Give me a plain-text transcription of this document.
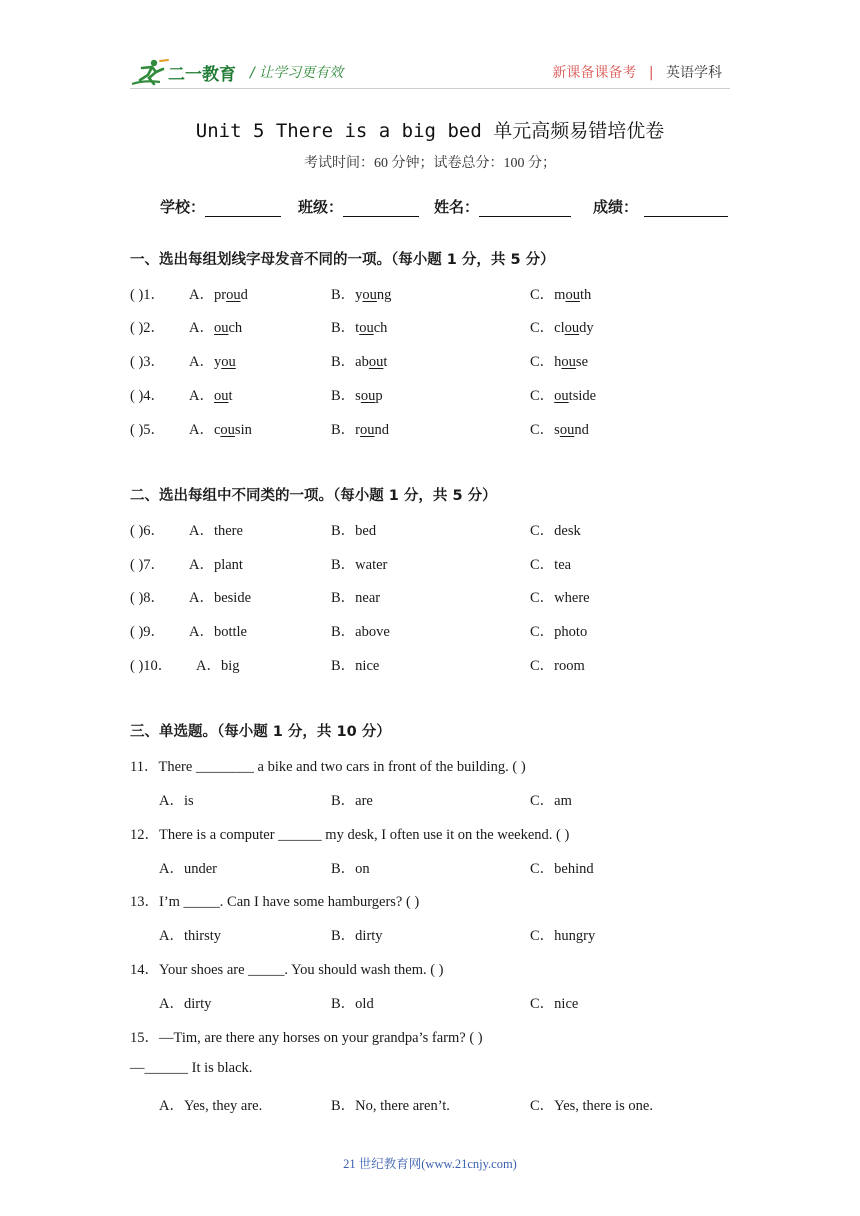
二一教育 / 让学习更有效	新课备课备考 | 英语学科
Unit 5 There is a big bed 单元高频易错培优卷
考试时间：60 分钟；试卷总分：100 分；
学校：	班级：	姓名：	成绩：
一、选出每组划线字母发音不同的一项。（每小题 1 分，共 5 分）
( )1． A．proud	B．young	C．mouth
( )2． A．ouch	B．touch	C．cloudy
( )3． A．you	B．about	C．house
( )4． A．out	B．soup	C．outside
( )5． A．cousin	B．round	C．sound
二、选出每组中不同类的一项。（每小题 1 分，共 5 分）
( )6． A．there	B．bed	C．desk
( )7． A．plant	B．water	C．tea
( )8． A．beside	B．near	C．where
( )9． A．bottle	B．above	C．photo
( )10． A．big	B．nice	C．room
三、单选题。（每小题 1 分，共 10 分）
11．There ________ a bike and two cars in front of the building. ( )
A．is	B．are	C．am
12．There is a computer ______ my desk, I often use it on the weekend. ( )
A．under	B．on	C．behind
13．I’m _____. Can I have some hamburgers? ( )
A．thirsty	B．dirty	C．hungry
14．Your shoes are _____. You should wash them. ( )
A．dirty	B．old	C．nice
15．—Tim, are there any horses on your grandpa’s farm? ( )
—______ It is black.
A．Yes, they are.	B．No, there aren’t.	C．Yes, there is one.
21 世纪教育网(www.21cnjy.com)
